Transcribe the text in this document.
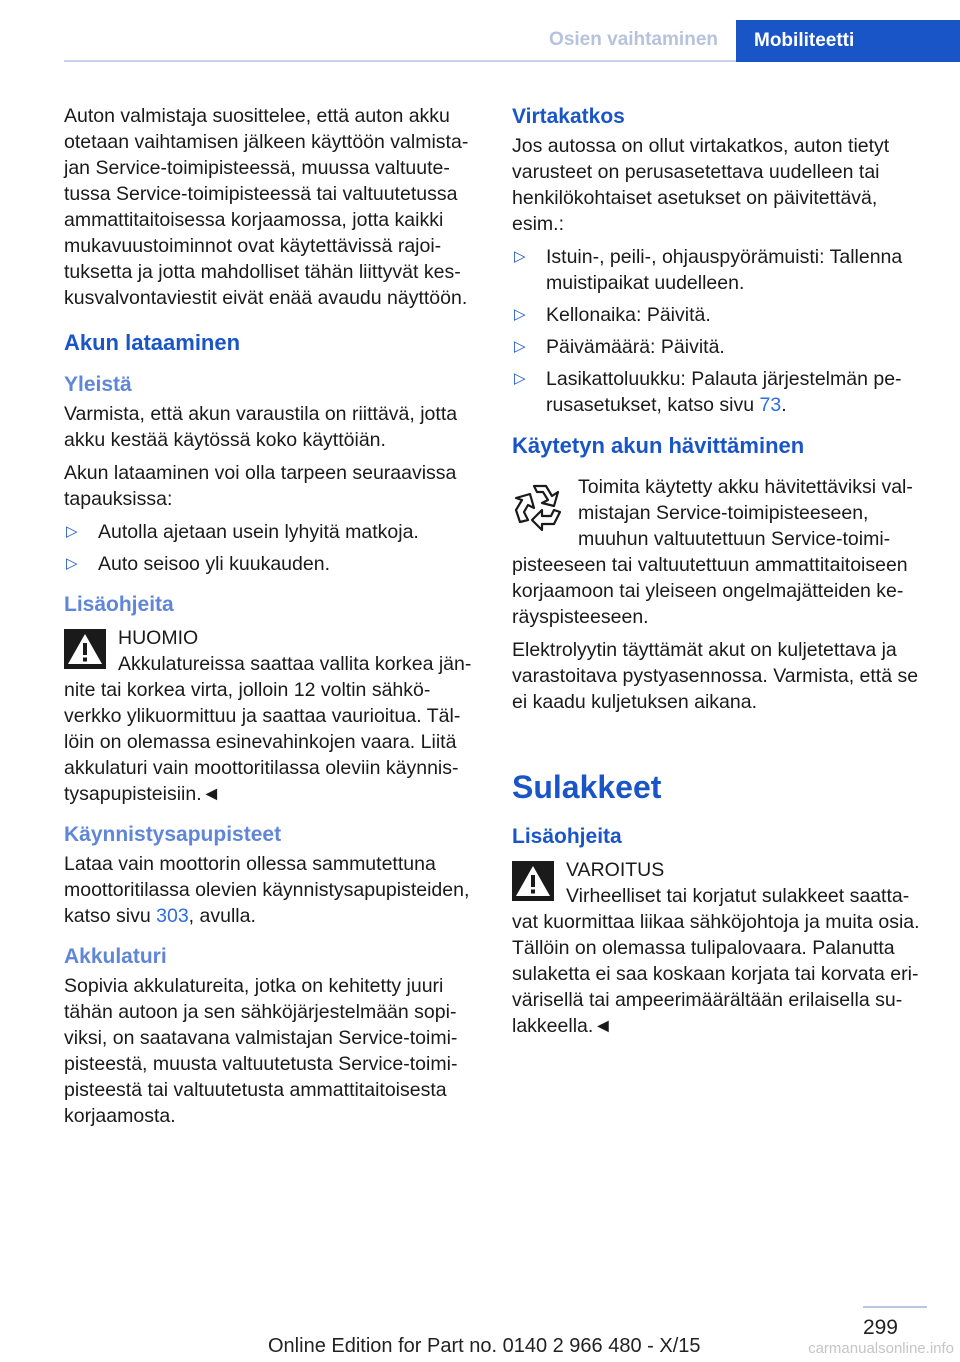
Osien vaihtaminen	Mobiliteetti

Auton valmistaja suosittelee, että auton akku otetaan vaihtamisen jälkeen käyttöön valmistajan Service-toimipisteessä, muussa valtuutetussa Service-toimipisteessä tai valtuutetussa ammattitaitoisessa korjaamossa, jotta kaikki mukavuustoiminnot ovat käytettävissä rajoituksetta ja jotta mahdolliset tähän liittyvät keskusvalvontaviestit eivät enää avaudu näyttöön.

Akun lataaminen
Yleistä

Varmista, että akun varaustila on riittävä, jotta akku kestää käytössä koko käyttöiän.

Akun lataaminen voi olla tarpeen seuraavissa tapauksissa:

▷ Autolla ajetaan usein lyhyitä matkoja.
▷ Auto seisoo yli kuukauden.
Lisäohjeita

HUOMIO

Akkulatureissa saattaa vallita korkea jännite tai korkea virta, jolloin 12 voltin sähköverkko ylikuormittuu ja saattaa vaurioitua. Tällöin on olemassa esinevahinkojen vaara. Liitä akkulaturi vain moottoritilassa oleviin käynnistysapupisteisiin.◄

Käynnistysapupisteet

Lataa vain moottorin ollessa sammutettuna moottoritilassa olevien käynnistysapupisteiden, katso sivu 303, avulla.

Akkulaturi

Sopivia akkulatureita, jotka on kehitetty juuri tähän autoon ja sen sähköjärjestelmään sopiviksi, on saatavana valmistajan Service-toimipisteestä, muusta valtuutetusta Service-toimipisteestä tai valtuutetusta ammattitaitoisesta korjaamosta.

Virtakatkos

Jos autossa on ollut virtakatkos, auton tietyt varusteet on perusasetettava uudelleen tai henkilökohtaiset asetukset on päivitettävä, esim.:

▷ Istuin-, peili-, ohjauspyörämuisti: Tallenna muistipaikat uudelleen.
▷ Kellonaika: Päivitä.
▷ Päivämäärä: Päivitä.
▷ Lasikattoluukku: Palauta järjestelmän perusasetukset, katso sivu 73.
Käytetyn akun hävittäminen

Toimita käytetty akku hävitettäviksi valmistajan Service-toimipisteeseen, muuhun valtuutettuun Service-toimipisteeseen tai valtuutettuun ammattitaitoiseen korjaamoon tai yleiseen ongelmajätteiden keräyspisteeseen.

Elektrolyytin täyttämät akut on kuljetettava ja varastoitava pystyasennossa. Varmista, että se ei kaadu kuljetuksen aikana.

Sulakkeet
Lisäohjeita

VAROITUS

Virheelliset tai korjatut sulakkeet saattavat kuormittaa liikaa sähköjohtoja ja muita osia. Tällöin on olemassa tulipalovaara. Palanutta sulaketta ei saa koskaan korjata tai korvata erivärisellä tai ampeerimäärältään erilaisella sulakkeella.◄

299
Online Edition for Part no. 0140 2 966 480 - X/15	carmanualsonline.info
